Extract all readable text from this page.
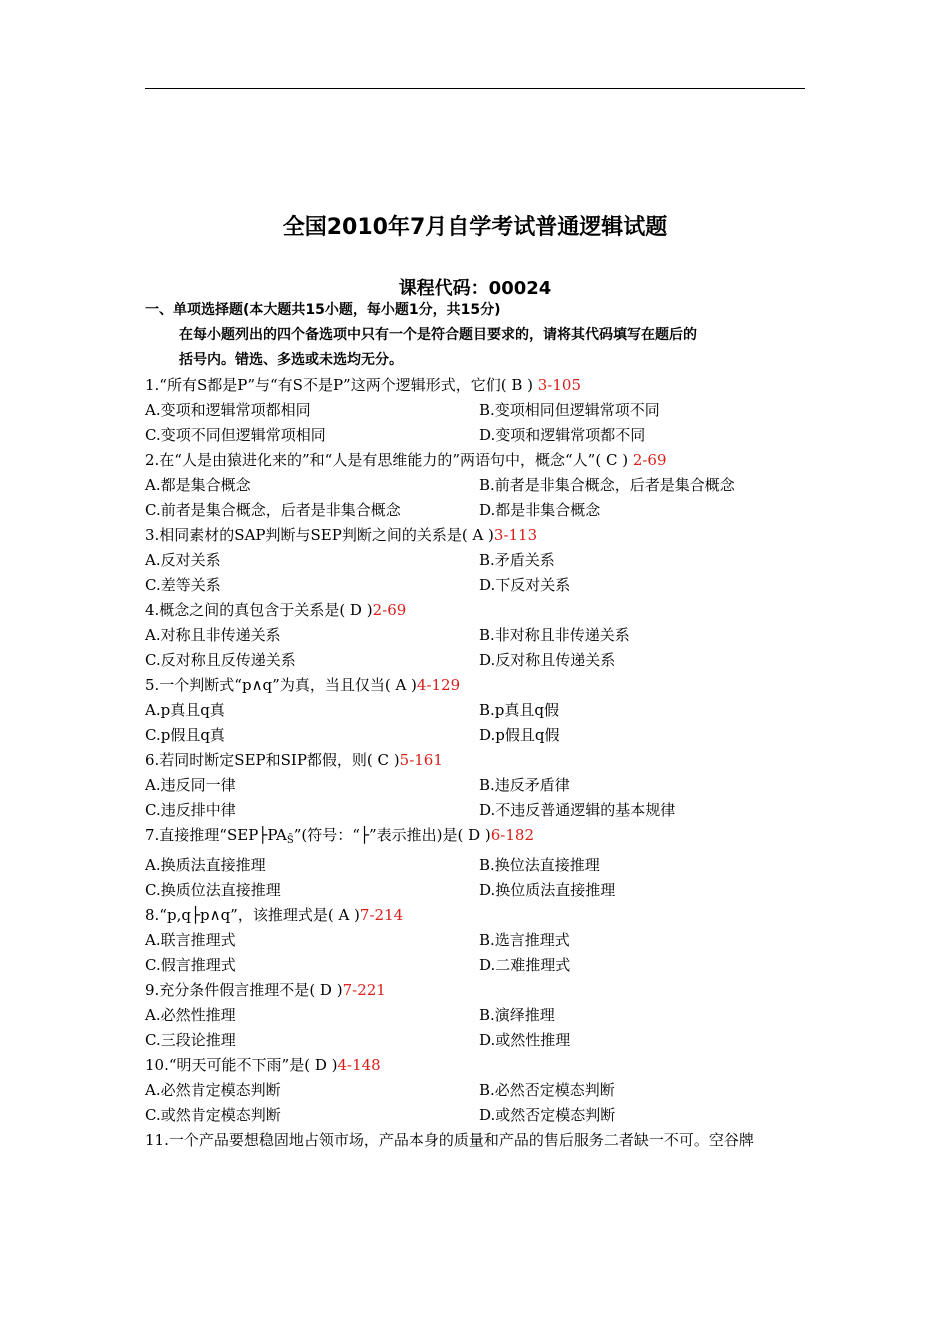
全国2010年7月自学考试普通逻辑试题
课程代码：00024
一、单项选择题(本大题共15小题，每小题1分，共15分)
在每小题列出的四个备选项中只有一个是符合题目要求的，请将其代码填写在题后的
括号内。错选、多选或未选均无分。
1.“所有S都是P”与“有S不是P”这两个逻辑形式，它们( B ) 3-105
A.变项和逻辑常项都相同	B.变项相同但逻辑常项不同
C.变项不同但逻辑常项相同	D.变项和逻辑常项都不同
2.在“人是由猿进化来的”和“人是有思维能力的”两语句中，概念“人”( C ) 2-69
A.都是集合概念	B.前者是非集合概念，后者是集合概念
C.前者是集合概念，后者是非集合概念	D.都是非集合概念
3.相同素材的SAP判断与SEP判断之间的关系是( A )3-113
A.反对关系	B.矛盾关系
C.差等关系	D.下反对关系
4.概念之间的真包含于关系是( D )2-69
A.对称且非传递关系	B.非对称且非传递关系
C.反对称且反传递关系	D.反对称且传递关系
5.一个判断式“p∧q”为真，当且仅当( A )4-129
A.p真且q真	B.p真且q假
C.p假且q真	D.p假且q假
6.若同时断定SEP和SIP都假，则( C )5-161
A.违反同一律	B.违反矛盾律
C.违反排中律	D.不违反普通逻辑的基本规律
7.直接推理“$SEP├PA_{S̄}$”(符号：“├”表示推出)是( D )6-182
A.换质法直接推理	B.换位法直接推理
C.换质位法直接推理	D.换位质法直接推理
8.“p,q├p∧q”，该推理式是( A )7-214
A.联言推理式	B.选言推理式
C.假言推理式	D.二难推理式
9.充分条件假言推理不是( D )7-221
A.必然性推理	B.演绎推理
C.三段论推理	D.或然性推理
10.“明天可能不下雨”是( D )4-148
A.必然肯定模态判断	B.必然否定模态判断
C.或然肯定模态判断	D.或然否定模态判断
11.一个产品要想稳固地占领市场，产品本身的质量和产品的售后服务二者缺一不可。空谷牌
